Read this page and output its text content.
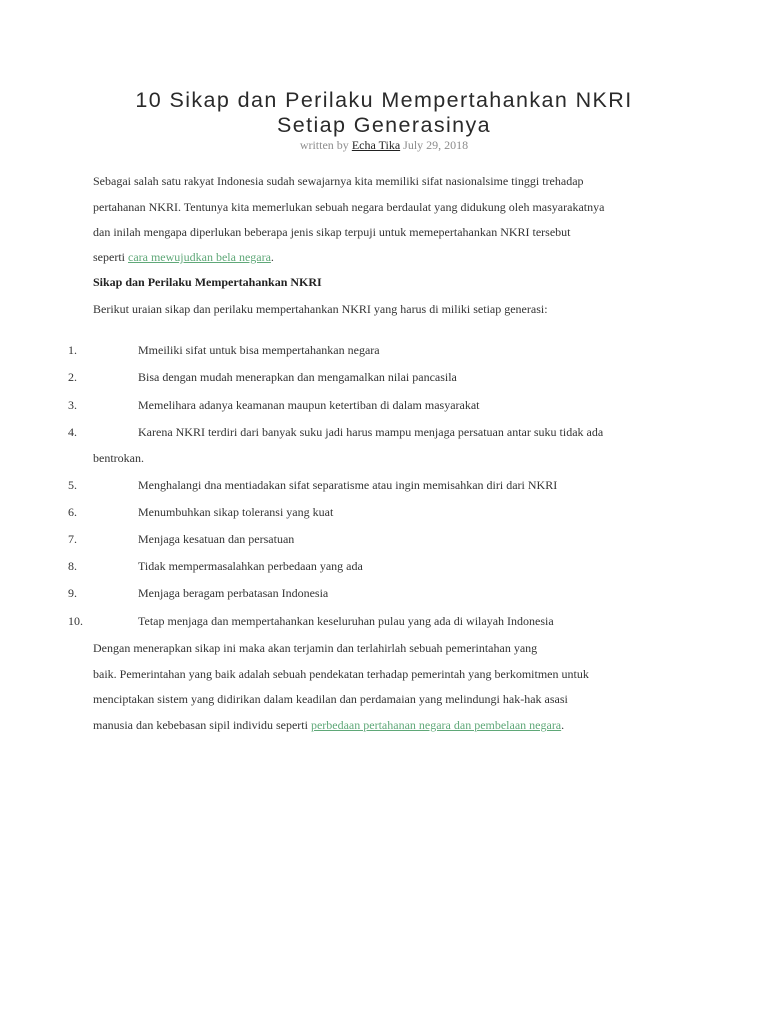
10 Sikap dan Perilaku Mempertahankan NKRI
Setiap Generasinya
written by Echa Tika July 29, 2018
Sebagai salah satu rakyat Indonesia sudah sewajarnya kita memiliki sifat nasionalsime tinggi trehadap
pertahanan NKRI. Tentunya kita memerlukan sebuah negara berdaulat yang didukung oleh masyarakatnya
dan inilah mengapa diperlukan beberapa jenis sikap terpuji untuk memepertahankan NKRI tersebut
seperti cara mewujudkan bela negara.
Sikap dan Perilaku Mempertahankan NKRI
Berikut uraian sikap dan perilaku mempertahankan NKRI yang harus di miliki setiap generasi:
1.	Mmeiliki sifat untuk bisa mempertahankan negara
2.	Bisa dengan mudah menerapkan dan mengamalkan nilai pancasila
3.	Memelihara adanya keamanan maupun ketertiban di dalam masyarakat
4.	Karena NKRI terdiri dari banyak suku jadi harus mampu menjaga persatuan antar suku tidak ada
bentrokan.
5.	Menghalangi dna mentiadakan sifat separatisme atau ingin memisahkan diri dari NKRI
6.	Menumbuhkan sikap toleransi yang kuat
7.	Menjaga kesatuan dan persatuan
8.	Tidak mempermasalahkan perbedaan yang ada
9.	Menjaga beragam perbatasan Indonesia
10.	Tetap menjaga dan mempertahankan keseluruhan pulau yang ada di wilayah Indonesia
Dengan menerapkan sikap ini maka akan terjamin dan terlahirlah sebuah pemerintahan yang
baik. Pemerintahan yang baik adalah sebuah pendekatan terhadap pemerintah yang berkomitmen untuk
menciptakan sistem yang didirikan dalam keadilan dan perdamaian yang melindungi hak-hak asasi
manusia dan kebebasan sipil individu seperti perbedaan pertahanan negara dan pembelaan negara.
